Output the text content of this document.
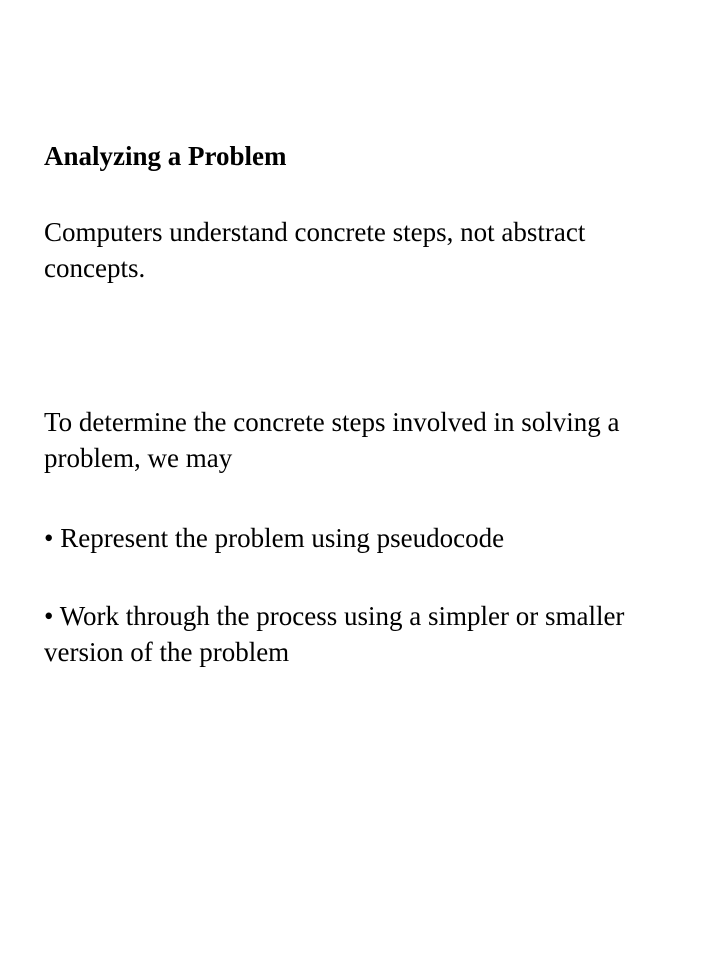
Analyzing a Problem

Computers understand concrete steps, not abstract concepts.

To determine the concrete steps involved in solving a problem, we may

• Represent the problem using pseudocode

• Work through the process using a simpler or smaller version of the problem
